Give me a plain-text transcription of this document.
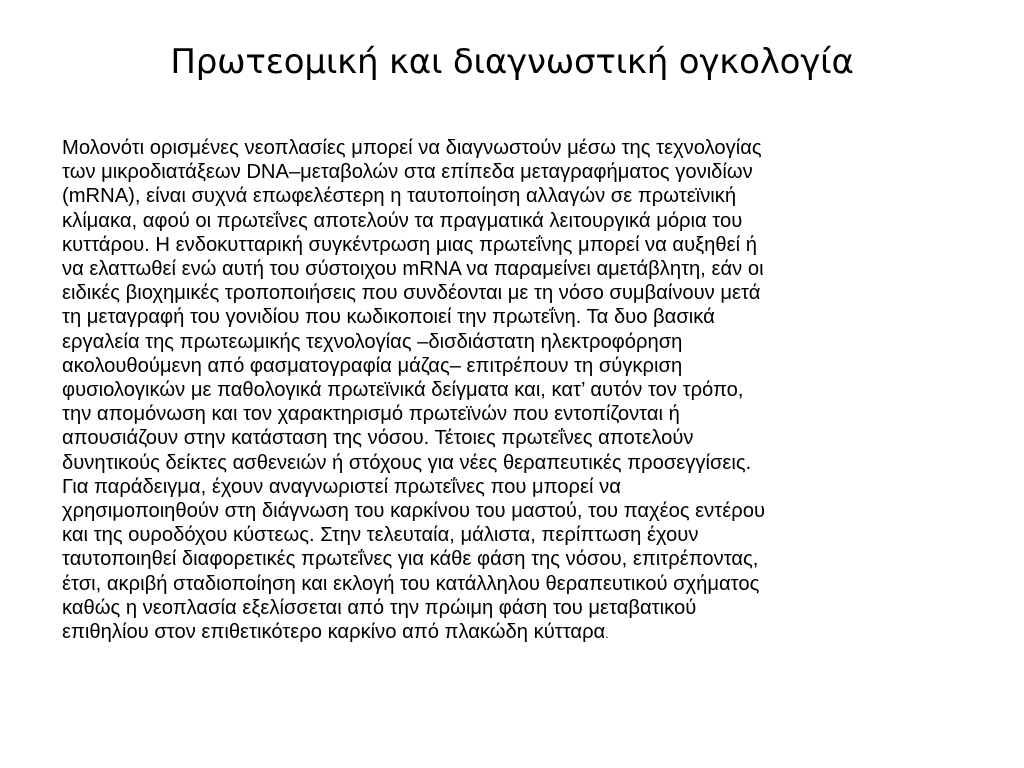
Πρωτεομική και διαγνωστική ογκολογία
Μολονότι ορισμένες νεοπλασίες μπορεί να διαγνωστούν μέσω της τεχνολογίας
των μικροδιατάξεων DNA–μεταβολών στα επίπεδα μεταγραφήματος γονιδίων
(mRNA), είναι συχνά επωφελέστερη η ταυτοποίηση αλλαγών σε πρωτεϊνική
κλίμακα, αφού οι πρωτεΐνες αποτελούν τα πραγματικά λειτουργικά μόρια του
κυττάρου. Η ενδοκυτταρική συγκέντρωση μιας πρωτεΐνης μπορεί να αυξηθεί ή
να ελαττωθεί ενώ αυτή του σύστοιχου mRNA να παραμείνει αμετάβλητη, εάν οι
ειδικές βιοχημικές τροποποιήσεις που συνδέονται με τη νόσο συμβαίνουν μετά
τη μεταγραφή του γονιδίου που κωδικοποιεί την πρωτεΐνη. Τα δυο βασικά
εργαλεία της πρωτεωμικής τεχνολογίας –δισδιάστατη ηλεκτροφόρηση
ακολουθούμενη από φασματογραφία μάζας– επιτρέπουν τη σύγκριση
φυσιολογικών με παθολογικά πρωτεϊνικά δείγματα και, κατ’ αυτόν τον τρόπο,
την απομόνωση και τον χαρακτηρισμό πρωτεϊνών που εντοπίζονται ή
απουσιάζουν στην κατάσταση της νόσου. Τέτοιες πρωτεΐνες αποτελούν
δυνητικούς δείκτες ασθενειών ή στόχους για νέες θεραπευτικές προσεγγίσεις.
Για παράδειγμα, έχουν αναγνωριστεί πρωτεΐνες που μπορεί να
χρησιμοποιηθούν στη διάγνωση του καρκίνου του μαστού, του παχέος εντέρου
και της ουροδόχου κύστεως. Στην τελευταία, μάλιστα, περίπτωση έχουν
ταυτοποιηθεί διαφορετικές πρωτεΐνες για κάθε φάση της νόσου, επιτρέποντας,
έτσι, ακριβή σταδιοποίηση και εκλογή του κατάλληλου θεραπευτικού σχήματος
καθώς η νεοπλασία εξελίσσεται από την πρώιμη φάση του μεταβατικού
επιθηλίου στον επιθετικότερο καρκίνο από πλακώδη κύτταρα.
